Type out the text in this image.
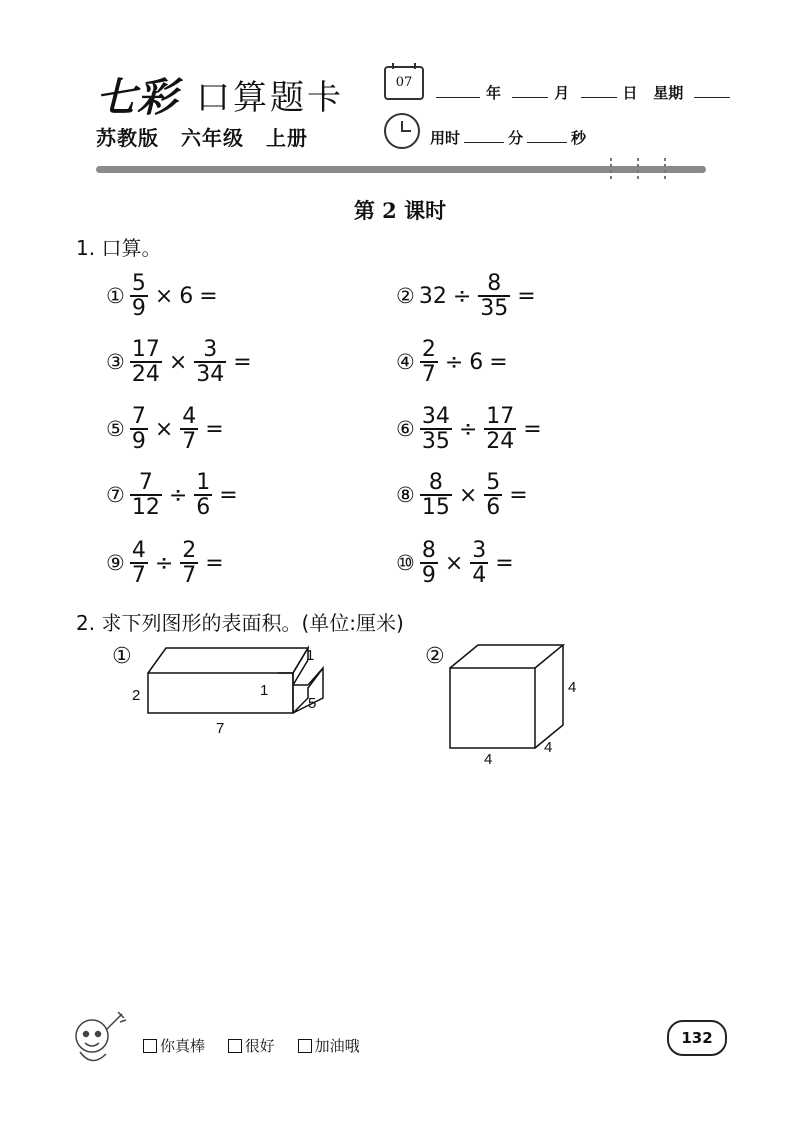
七彩 口算题卡
苏教版 六年级 上册
07
年	月	日 星期
用时	分	秒
第 2 课时
1. 口算。
① $\frac{5}{9} \times 6$ =	② $32 \div \frac{8}{35}$ =
③ $\frac{17}{24} \times \frac{3}{34}$ =	④ $\frac{2}{7} \div 6$ =
⑤ $\frac{7}{9} \times \frac{4}{7}$ =	⑥ $\frac{34}{35} \div \frac{17}{24}$ =
⑦ $\frac{7}{12} \div \frac{1}{6}$ =	⑧ $\frac{8}{15} \times \frac{5}{6}$ =
⑨ $\frac{4}{7} \div \frac{2}{7}$ =	⑩ $\frac{8}{9} \times \frac{3}{4}$ =
2. 求下列图形的表面积。(单位:厘米)
①	1
2	1
5
7
②
4
4
4
你真棒
	很好
	加油哦	132
